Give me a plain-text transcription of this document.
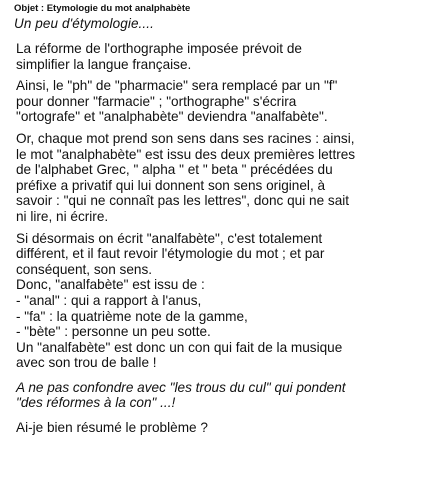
Objet : Etymologie du mot analphabète
Un peu d'étymologie....
La réforme de l'orthographe imposée prévoit de
simplifier la langue française.
Ainsi, le "ph" de "pharmacie" sera remplacé par un "f"
pour donner "farmacie" ; "orthographe" s'écrira
"ortografe" et "analphabète" deviendra "analfabète".
Or, chaque mot prend son sens dans ses racines : ainsi,
le mot "analphabète" est issu des deux premières lettres
de l'alphabet Grec, " alpha " et " beta " précédées du
préfixe a privatif qui lui donnent son sens originel, à
savoir : "qui ne connaît pas les lettres", donc qui ne sait
ni lire, ni écrire.
Si désormais on écrit "analfabète", c'est totalement
différent, et il faut revoir l'étymologie du mot ; et par
conséquent, son sens.
Donc, "analfabète" est issu de :
- "anal" : qui a rapport à l'anus,
- "fa" : la quatrième note de la gamme,
- "bète" : personne un peu sotte.
Un "analfabète" est donc un con qui fait de la musique
avec son trou de balle !
A ne pas confondre avec "les trous du cul" qui pondent
"des réformes à la con" ...!
Ai-je bien résumé le problème ?
